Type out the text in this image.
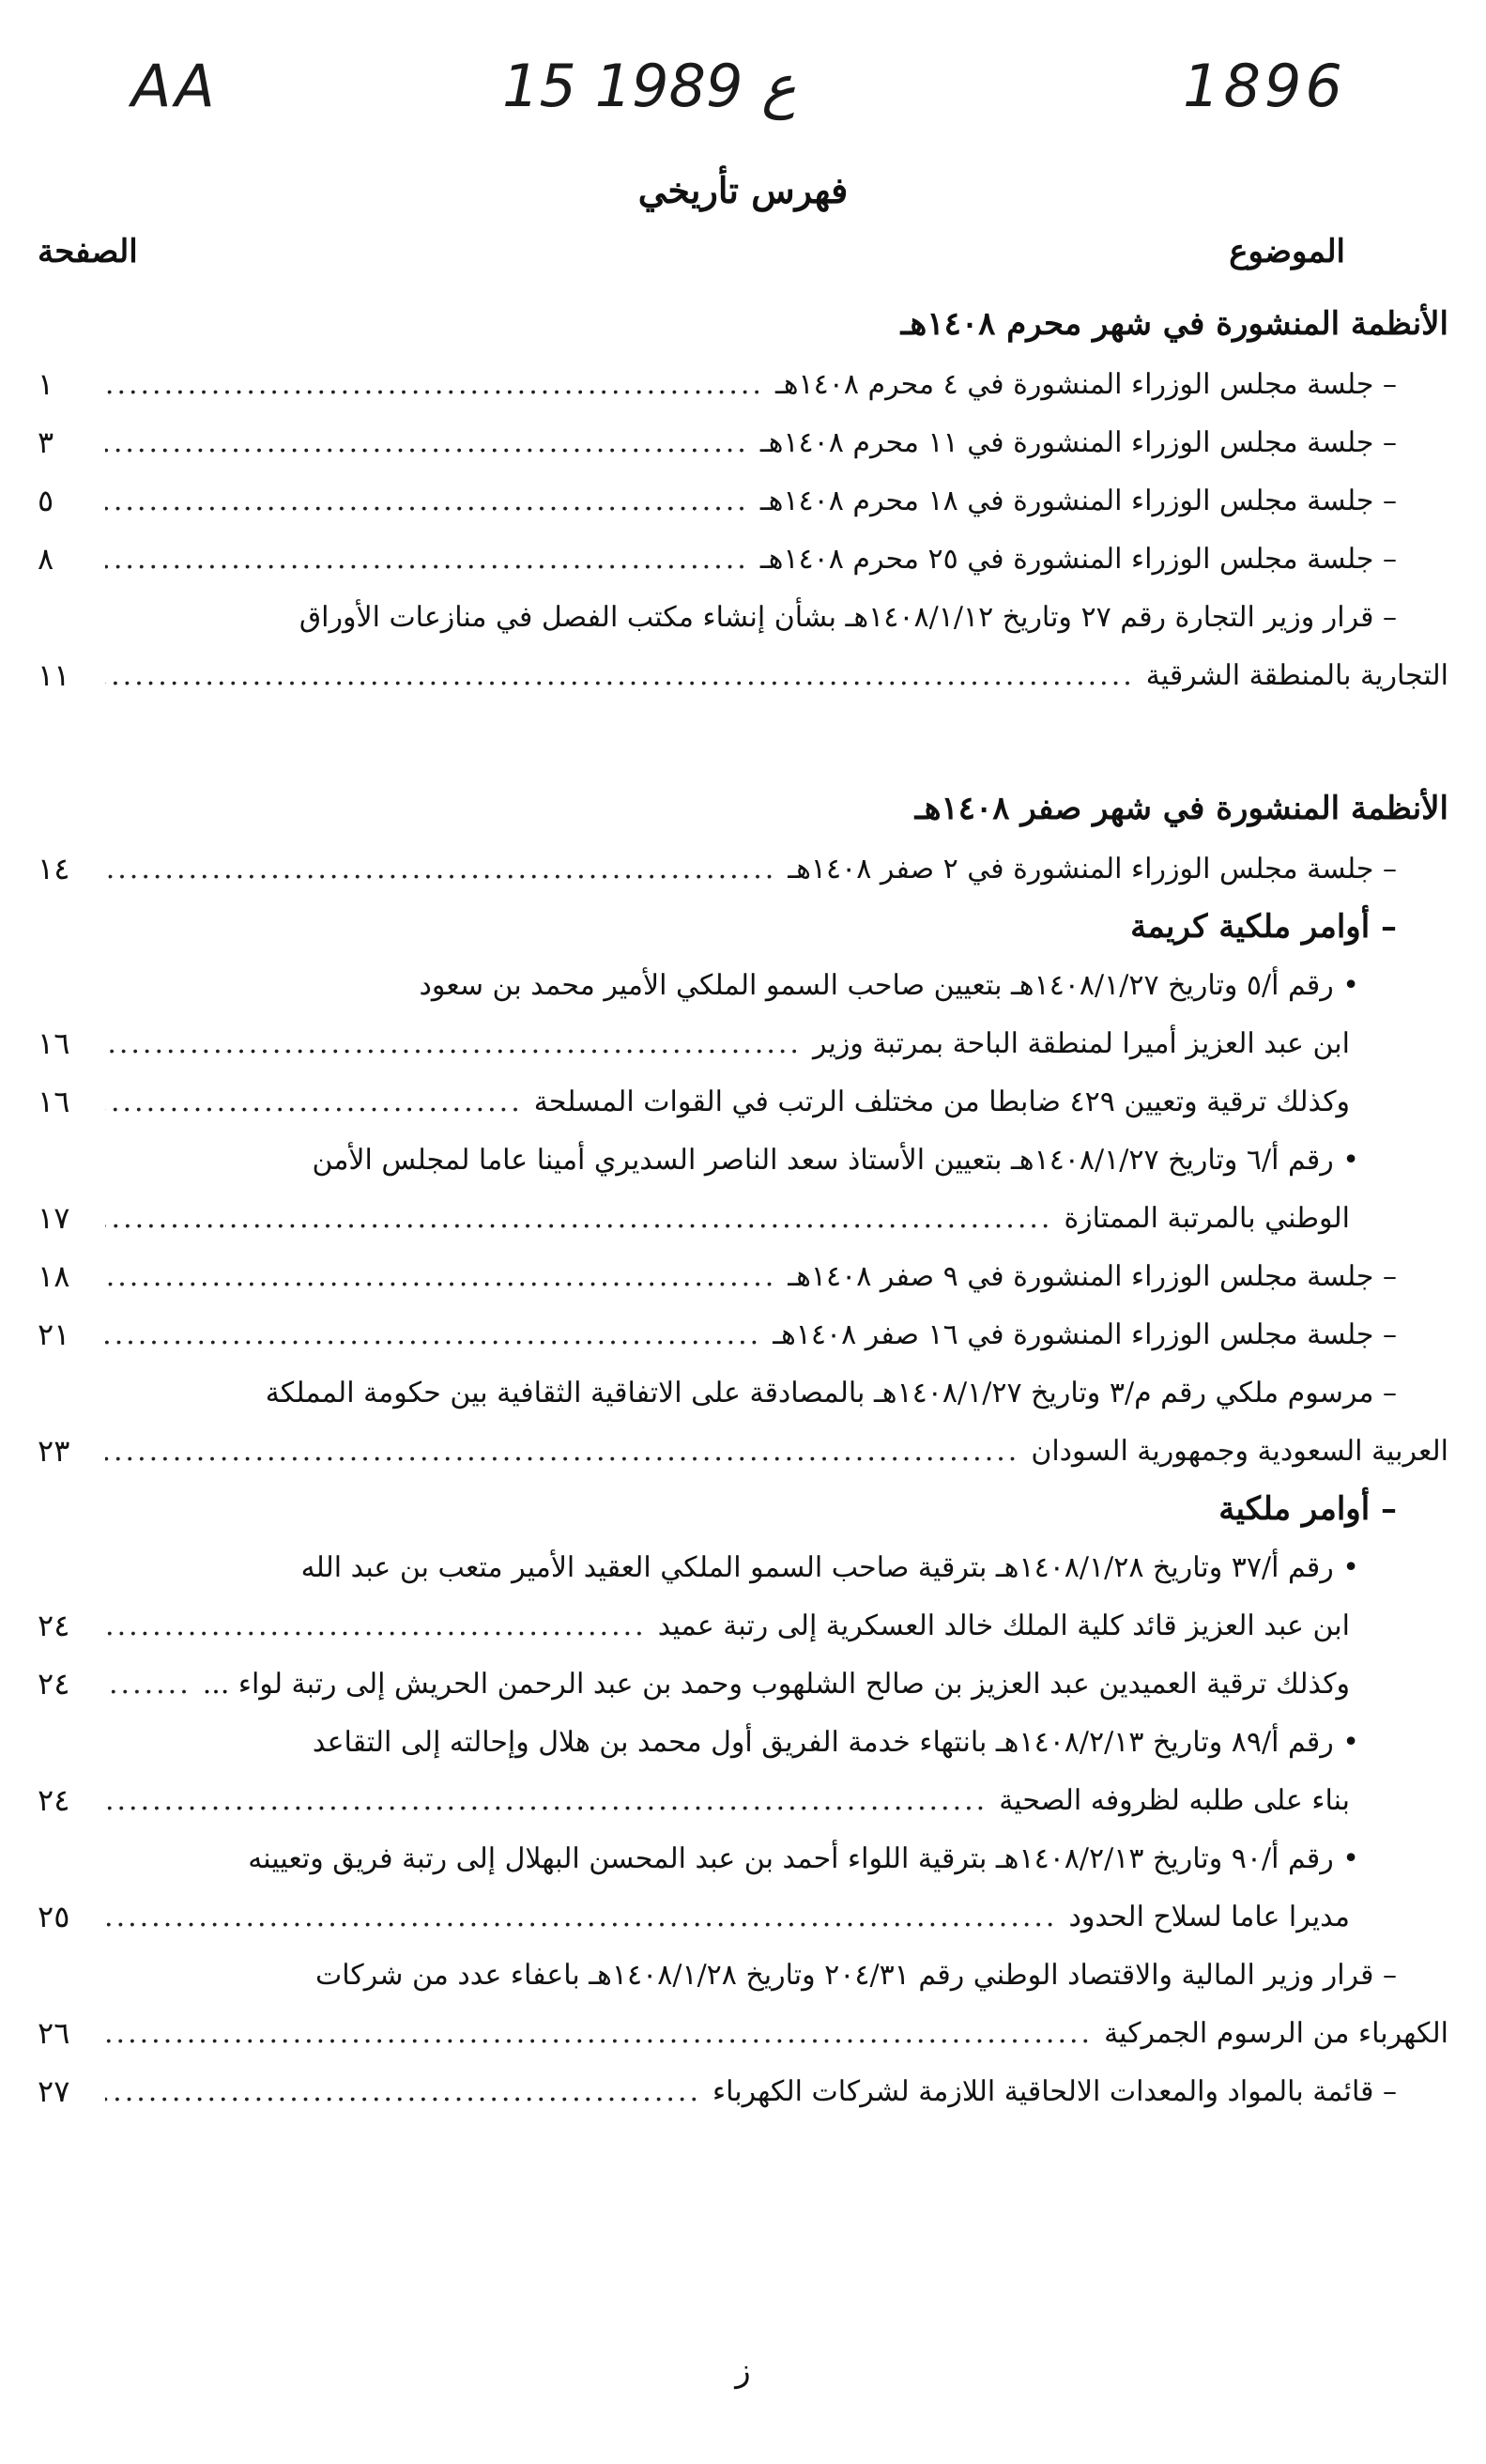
AA	15 ع 1989	1896
فهرس تأريخي
الموضوع
الصفحة
الأنظمة المنشورة في شهر محرم ١٤٠٨هـ
– جلسة مجلس الوزراء المنشورة في ٤ محرم ١٤٠٨هـ
.....
١
– جلسة مجلس الوزراء المنشورة في ١١ محرم ١٤٠٨هـ
.....
٣
– جلسة مجلس الوزراء المنشورة في ١٨ محرم ١٤٠٨هـ
.....
٥
– جلسة مجلس الوزراء المنشورة في ٢٥ محرم ١٤٠٨هـ
.....
٨
– قرار وزير التجارة رقم ٢٧ وتاريخ ١٤٠٨/١/١٢هـ بشأن إنشاء مكتب الفصل في منازعات الأوراق
التجارية بالمنطقة الشرقية
.....
١١
الأنظمة المنشورة في شهر صفر ١٤٠٨هـ
– جلسة مجلس الوزراء المنشورة في ٢ صفر ١٤٠٨هـ
.....
١٤
– أوامر ملكية كريمة
• رقم أ/٥ وتاريخ ١٤٠٨/١/٢٧هـ بتعيين صاحب السمو الملكي الأمير محمد بن سعود
ابن عبد العزيز أميرا لمنطقة الباحة بمرتبة وزير
.....
١٦
وكذلك ترقية وتعيين ٤٢٩ ضابطا من مختلف الرتب في القوات المسلحة
.....
١٦
• رقم أ/٦ وتاريخ ١٤٠٨/١/٢٧هـ بتعيين الأستاذ سعد الناصر السديري أمينا عاما لمجلس الأمن
الوطني بالمرتبة الممتازة
.....
١٧
– جلسة مجلس الوزراء المنشورة في ٩ صفر ١٤٠٨هـ
.....
١٨
– جلسة مجلس الوزراء المنشورة في ١٦ صفر ١٤٠٨هـ
.....
٢١
– مرسوم ملكي رقم م/٣ وتاريخ ١٤٠٨/١/٢٧هـ بالمصادقة على الاتفاقية الثقافية بين حكومة المملكة
العربية السعودية وجمهورية السودان
.....
٢٣
– أوامر ملكية
• رقم أ/٣٧ وتاريخ ١٤٠٨/١/٢٨هـ بترقية صاحب السمو الملكي العقيد الأمير متعب بن عبد الله
ابن عبد العزيز قائد كلية الملك خالد العسكرية إلى رتبة عميد
.....
٢٤
وكذلك ترقية العميدين عبد العزيز بن صالح الشلهوب وحمد بن عبد الرحمن الحريش إلى رتبة لواء ...
.....
٢٤
• رقم أ/٨٩ وتاريخ ١٤٠٨/٢/١٣هـ بانتهاء خدمة الفريق أول محمد بن هلال وإحالته إلى التقاعد
بناء على طلبه لظروفه الصحية
.....
٢٤
• رقم أ/٩٠ وتاريخ ١٤٠٨/٢/١٣هـ بترقية اللواء أحمد بن عبد المحسن البهلال إلى رتبة فريق وتعيينه
مديرا عاما لسلاح الحدود
.....
٢٥
– قرار وزير المالية والاقتصاد الوطني رقم ٢٠٤/٣١ وتاريخ ١٤٠٨/١/٢٨هـ باعفاء عدد من شركات
الكهرباء من الرسوم الجمركية
.....
٢٦
– قائمة بالمواد والمعدات الالحاقية اللازمة لشركات الكهرباء
.....
٢٧
ز
